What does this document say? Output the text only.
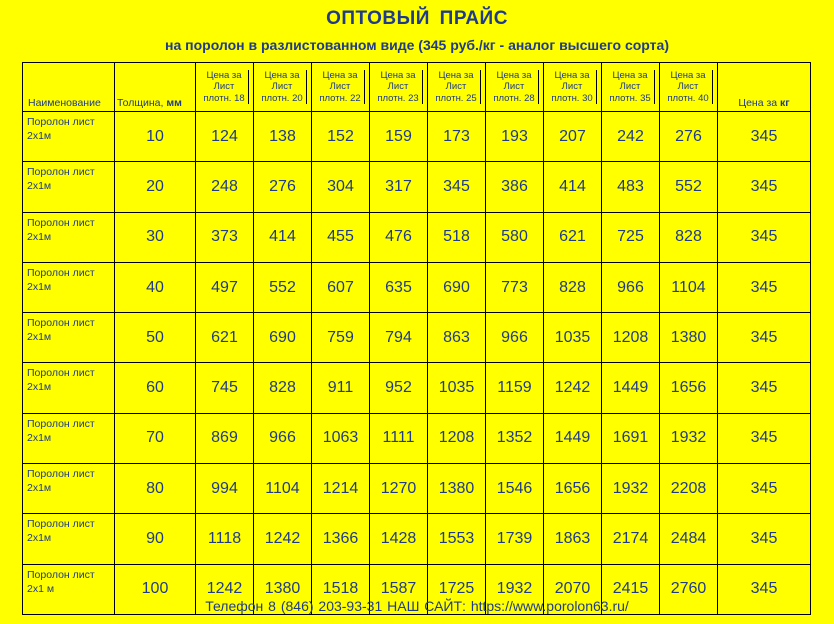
ОПТОВЫЙ ПРАЙС
на поролон в разлистованном виде (345 руб./кг - аналог высшего сорта)
Наименование	Толщина, мм	Цена за
Лист
плотн. 18	Цена за
Лист
плотн. 20	Цена за
Лист
плотн. 22	Цена за
Лист
плотн. 23	Цена за
Лист
плотн. 25	Цена за
Лист
плотн. 28	Цена за
Лист
плотн. 30	Цена за
Лист
плотн. 35	Цена за
Лист
плотн. 40	Цена за кг

Поролон лист
2х1м	10	124	138	152	159	173	193	207	242	276	345

Поролон лист
2х1м	20	248	276	304	317	345	386	414	483	552	345

Поролон лист
2х1м	30	373	414	455	476	518	580	621	725	828	345

Поролон лист
2х1м	40	497	552	607	635	690	773	828	966	1104	345

Поролон лист
2х1м	50	621	690	759	794	863	966	1035	1208	1380	345

Поролон лист
2х1м	60	745	828	911	952	1035	1159	1242	1449	1656	345

Поролон лист
2х1м	70	869	966	1063	1111	1208	1352	1449	1691	1932	345

Поролон лист
2х1м	80	994	1104	1214	1270	1380	1546	1656	1932	2208	345

Поролон лист
2х1м	90	1118	1242	1366	1428	1553	1739	1863	2174	2484	345

Поролон лист
2х1 м	100	1242	1380	1518	1587	1725	1932	2070	2415	2760	345
Телефон 8 (846) 203-93-31 НАШ САЙТ: https://www.porolon63.ru/
